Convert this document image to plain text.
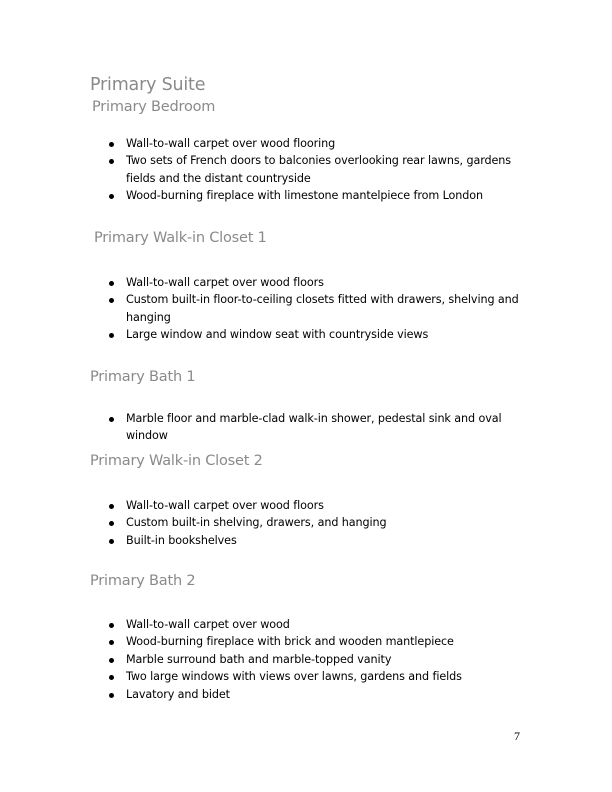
Primary Suite
Primary Bedroom
Wall-to-wall carpet over wood flooring
Two sets of French doors to balconies overlooking rear lawns, gardens fields and the distant countryside
Wood-burning fireplace with limestone mantelpiece from London
Primary Walk-in Closet 1
Wall-to-wall carpet over wood floors
Custom built-in floor-to-ceiling closets fitted with drawers, shelving and hanging
Large window and window seat with countryside views
Primary Bath 1
Marble floor and marble-clad walk-in shower, pedestal sink and oval window
Primary Walk-in Closet 2
Wall-to-wall carpet over wood floors
Custom built-in shelving, drawers, and hanging
Built-in bookshelves
Primary Bath 2
Wall-to-wall carpet over wood
Wood-burning fireplace with brick and wooden mantlepiece
Marble surround bath and marble-topped vanity
Two large windows with views over lawns, gardens and fields
Lavatory and bidet
7
